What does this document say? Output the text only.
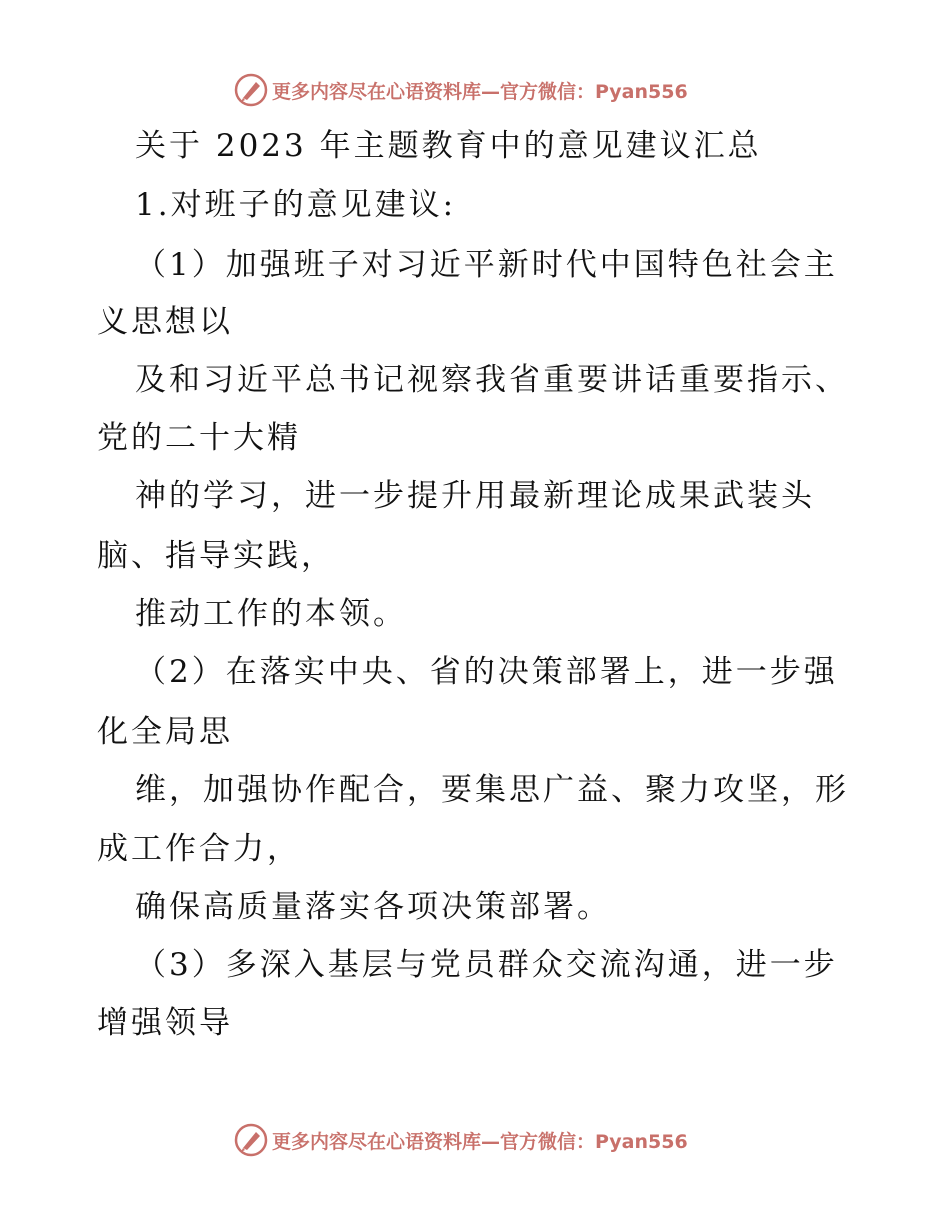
更多内容尽在心语资料库—官方微信：Pyan556
关于 2023 年主题教育中的意见建议汇总
1.对班子的意见建议:
（1）加强班子对习近平新时代中国特色社会主
义思想以
及和习近平总书记视察我省重要讲话重要指示、
党的二十大精
神的学习，进一步提升用最新理论成果武装头
脑、指导实践，
推动工作的本领。
（2）在落实中央、省的决策部署上，进一步强
化全局思
维，加强协作配合，要集思广益、聚力攻坚，形
成工作合力，
确保高质量落实各项决策部署。
（3）多深入基层与党员群众交流沟通，进一步
增强领导
更多内容尽在心语资料库—官方微信：Pyan556
